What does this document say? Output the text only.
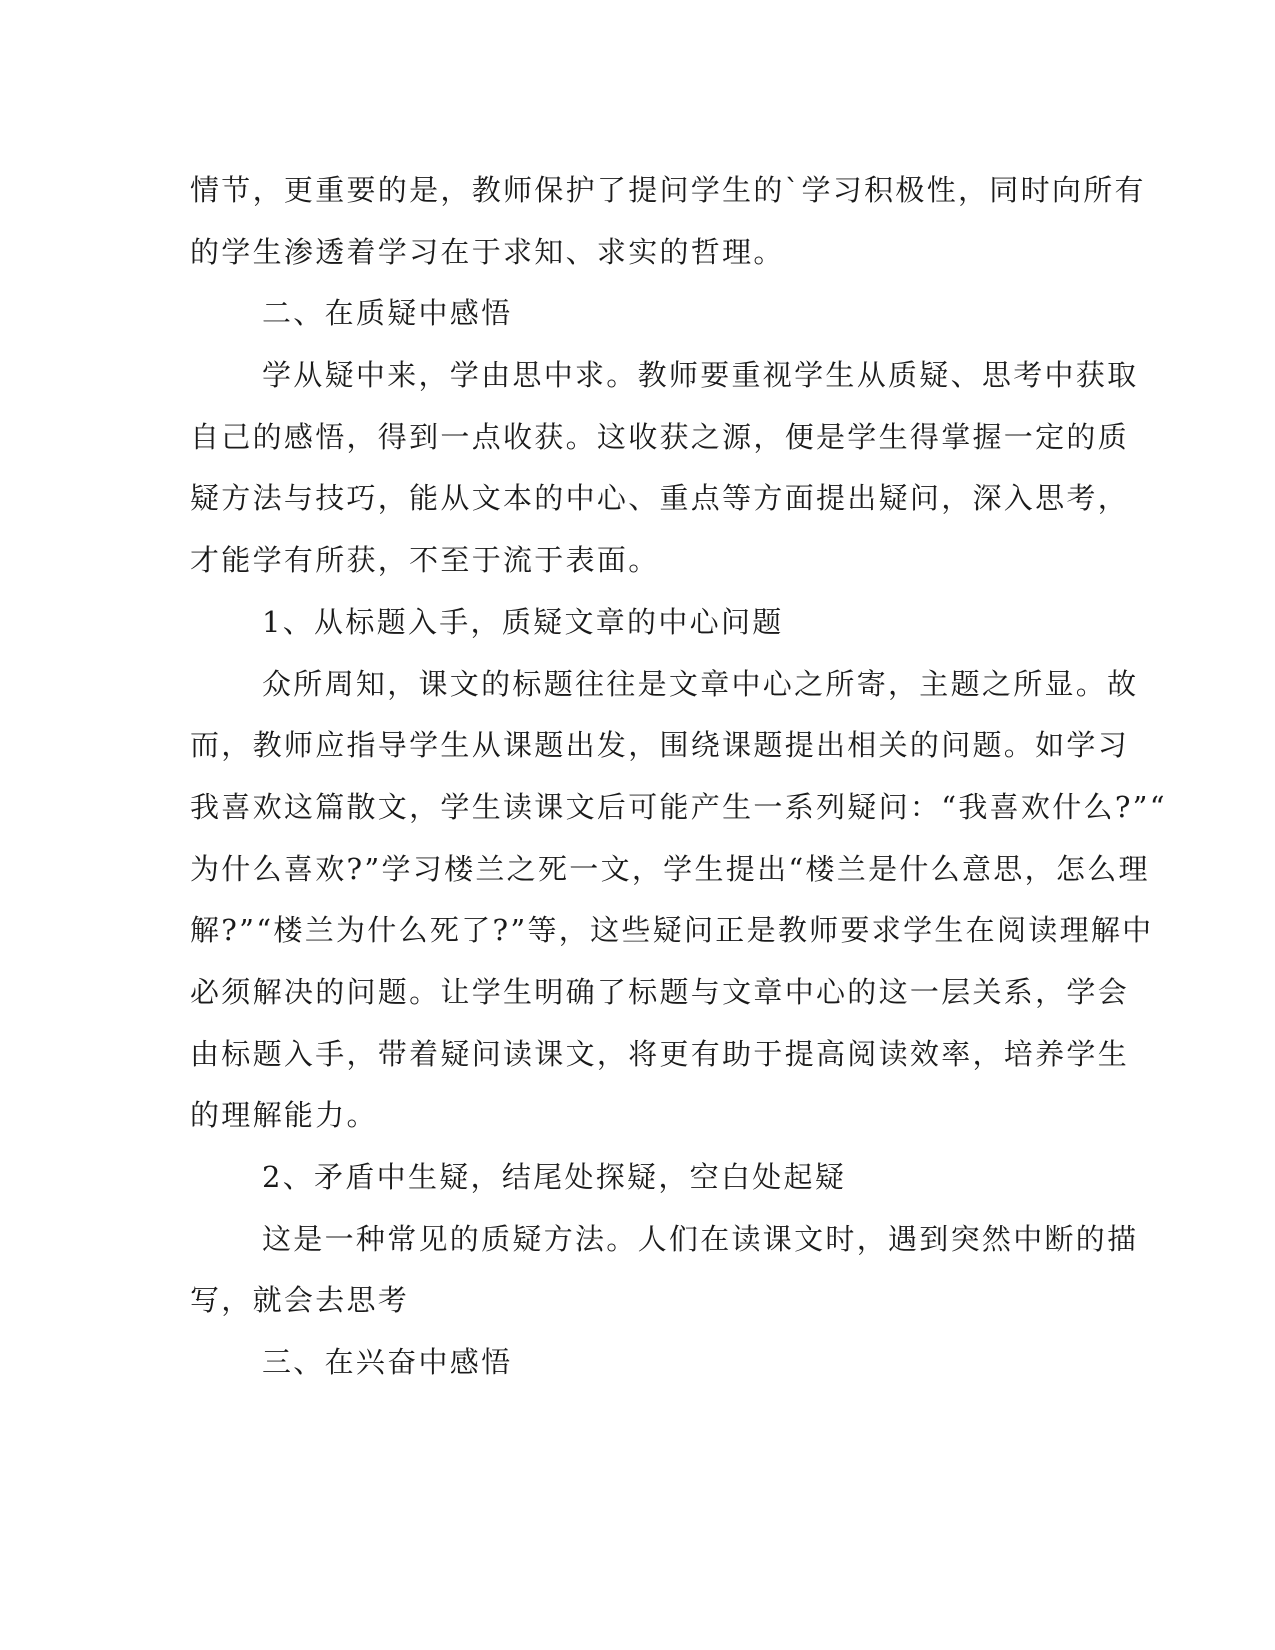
情节，更重要的是，教师保护了提问学生的`学习积极性，同时向所有
的学生渗透着学习在于求知、求实的哲理。
二、在质疑中感悟
学从疑中来，学由思中求。教师要重视学生从质疑、思考中获取
自己的感悟，得到一点收获。这收获之源，便是学生得掌握一定的质
疑方法与技巧，能从文本的中心、重点等方面提出疑问，深入思考，
才能学有所获，不至于流于表面。
1、从标题入手，质疑文章的中心问题
众所周知，课文的标题往往是文章中心之所寄，主题之所显。故
而，教师应指导学生从课题出发，围绕课题提出相关的问题。如学习
我喜欢这篇散文，学生读课文后可能产生一系列疑问：“我喜欢什么?”“
为什么喜欢?”学习楼兰之死一文，学生提出“楼兰是什么意思，怎么理
解?”“楼兰为什么死了?”等，这些疑问正是教师要求学生在阅读理解中
必须解决的问题。让学生明确了标题与文章中心的这一层关系，学会
由标题入手，带着疑问读课文，将更有助于提高阅读效率，培养学生
的理解能力。
2、矛盾中生疑，结尾处探疑，空白处起疑
这是一种常见的质疑方法。人们在读课文时，遇到突然中断的描
写，就会去思考
三、在兴奋中感悟
